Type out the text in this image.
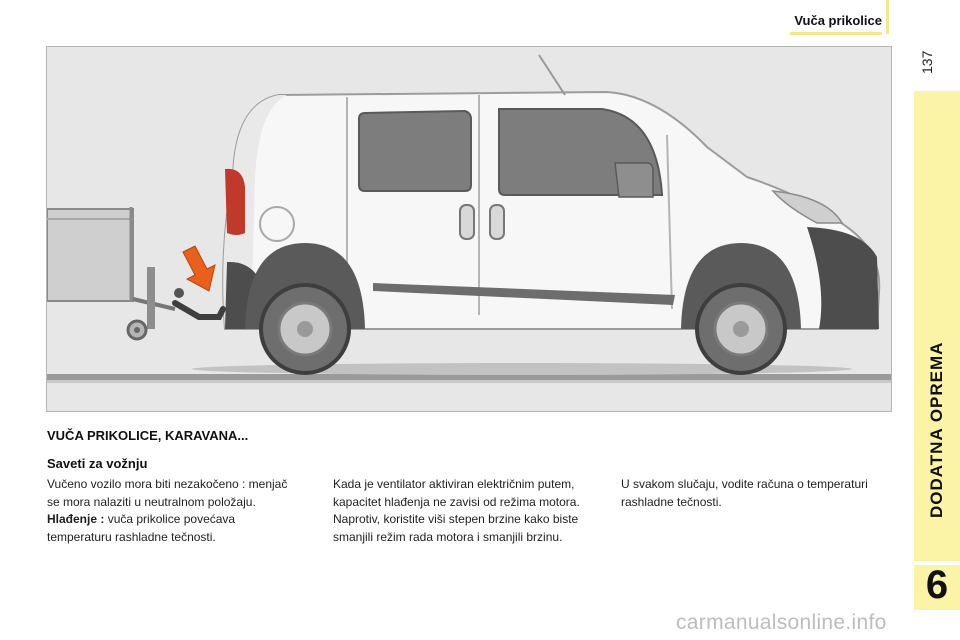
Vuča prikolice
137
DODATNA OPREMA
6
VUČA PRIKOLICE, KARAVANA...
Saveti za vožnju

Vučeno vozilo mora biti nezakočeno : menjač se mora nalaziti u neutralnom položaju.

Hlađenje : vuča prikolice povećava temperaturu rashladne tečnosti.

Kada je ventilator aktiviran električnim putem, kapacitet hlađenja ne zavisi od režima motora.

Naprotiv, koristite viši stepen brzine kako biste smanjili režim rada motora i smanjili brzinu.

U svakom slučaju, vodite računa o temperaturi rashladne tečnosti.

carmanualsonline.info
